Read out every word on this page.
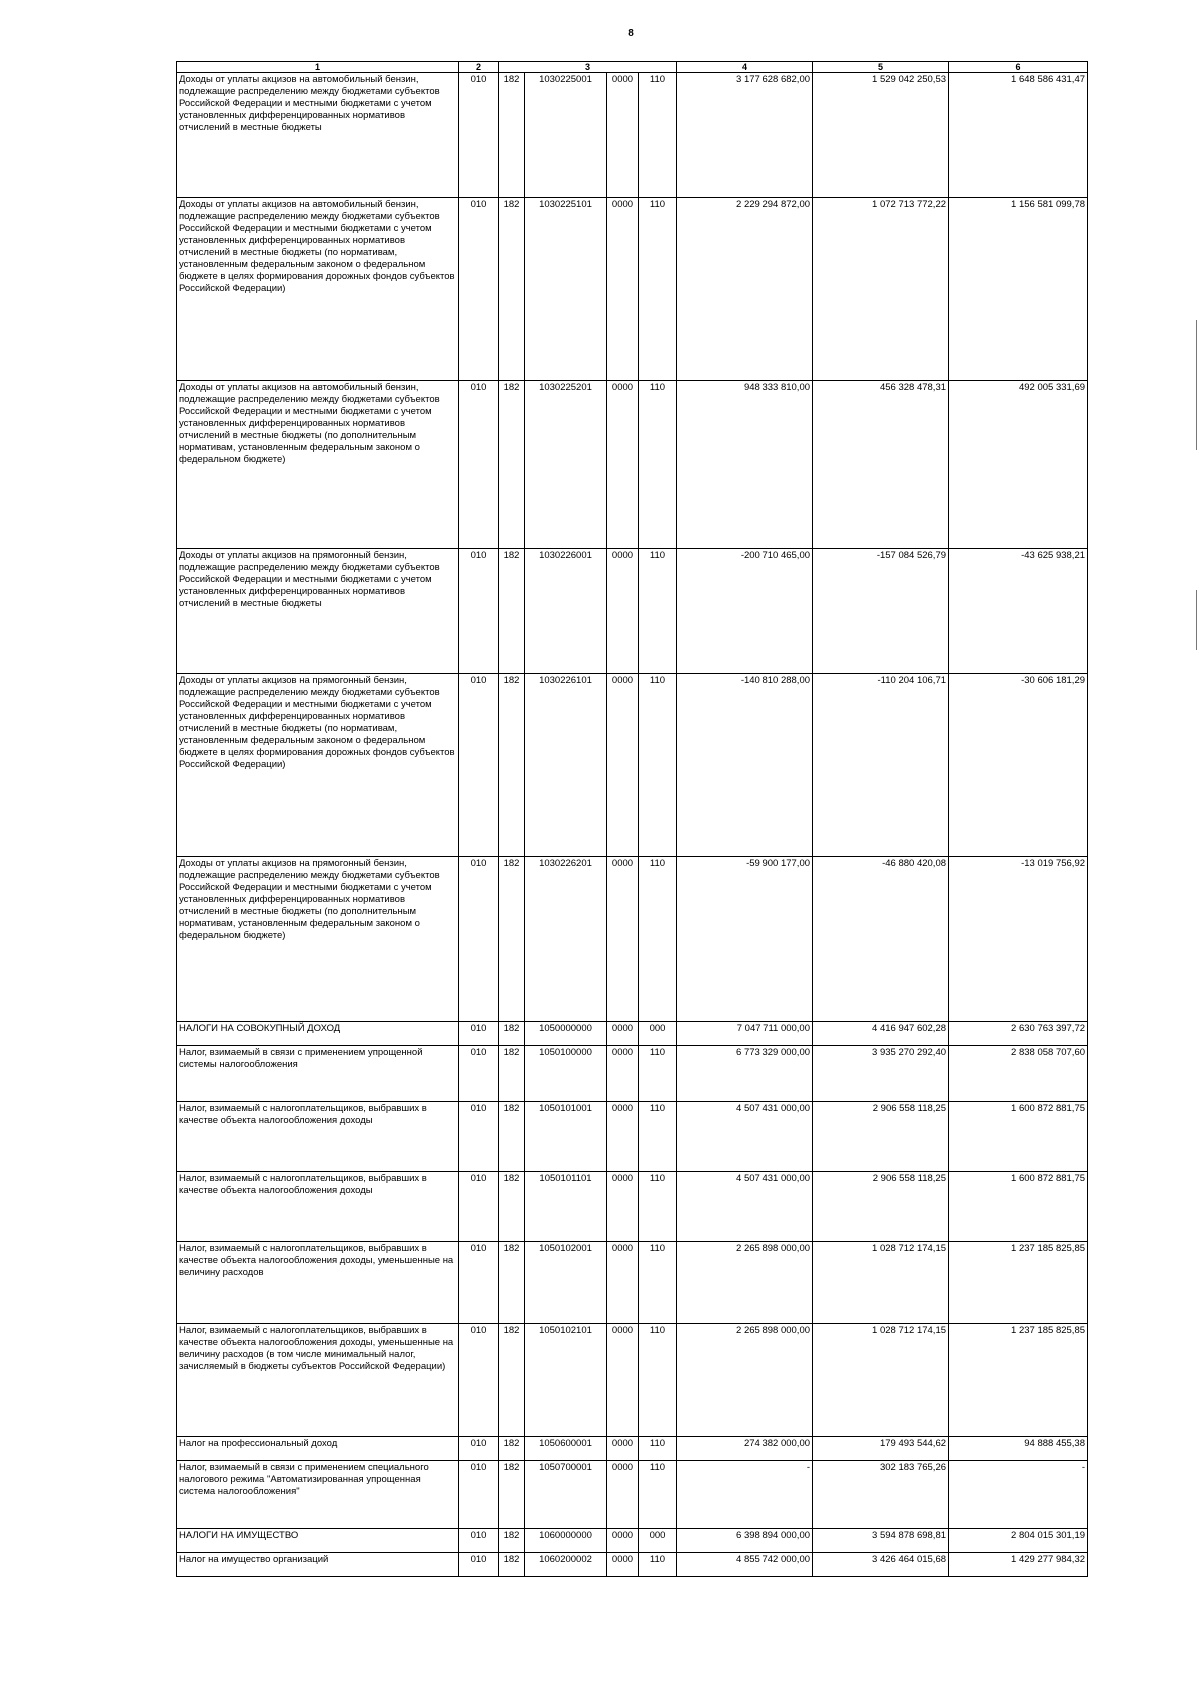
8
1	2	3				4	5	6
Доходы от уплаты акцизов на автомобильный бензин, подлежащие распределению между бюджетами субъектов Российской Федерации и местными бюджетами с учетом установленных дифференцированных нормативов отчислений в местные бюджеты	010	182	1030225001	0000	110	3 177 628 682,00	1 529 042 250,53	1 648 586 431,47
Доходы от уплаты акцизов на автомобильный бензин, подлежащие распределению между бюджетами субъектов Российской Федерации и местными бюджетами с учетом установленных дифференцированных нормативов отчислений в местные бюджеты (по нормативам, установленным федеральным законом о федеральном бюджете в целях формирования дорожных фондов субъектов Российской Федерации)	010	182	1030225101	0000	110	2 229 294 872,00	1 072 713 772,22	1 156 581 099,78
Доходы от уплаты акцизов на автомобильный бензин, подлежащие распределению между бюджетами субъектов Российской Федерации и местными бюджетами с учетом установленных дифференцированных нормативов отчислений в местные бюджеты (по дополнительным нормативам, установленным федеральным законом о федеральном бюджете)	010	182	1030225201	0000	110	948 333 810,00	456 328 478,31	492 005 331,69
Доходы от уплаты акцизов на прямогонный бензин, подлежащие распределению между бюджетами субъектов Российской Федерации и местными бюджетами с учетом установленных дифференцированных нормативов отчислений в местные бюджеты	010	182	1030226001	0000	110	-200 710 465,00	-157 084 526,79	-43 625 938,21
Доходы от уплаты акцизов на прямогонный бензин, подлежащие распределению между бюджетами субъектов Российской Федерации и местными бюджетами с учетом установленных дифференцированных нормативов отчислений в местные бюджеты (по нормативам, установленным федеральным законом о федеральном бюджете в целях формирования дорожных фондов субъектов Российской Федерации)	010	182	1030226101	0000	110	-140 810 288,00	-110 204 106,71	-30 606 181,29
Доходы от уплаты акцизов на прямогонный бензин, подлежащие распределению между бюджетами субъектов Российской Федерации и местными бюджетами с учетом установленных дифференцированных нормативов отчислений в местные бюджеты (по дополнительным нормативам, установленным федеральным законом о федеральном бюджете)	010	182	1030226201	0000	110	-59 900 177,00	-46 880 420,08	-13 019 756,92
НАЛОГИ НА СОВОКУПНЫЙ ДОХОД	010	182	1050000000	0000	000	7 047 711 000,00	4 416 947 602,28	2 630 763 397,72
Налог, взимаемый в связи с применением упрощенной системы налогообложения	010	182	1050100000	0000	110	6 773 329 000,00	3 935 270 292,40	2 838 058 707,60
Налог, взимаемый с налогоплательщиков, выбравших в качестве объекта налогообложения доходы	010	182	1050101001	0000	110	4 507 431 000,00	2 906 558 118,25	1 600 872 881,75
Налог, взимаемый с налогоплательщиков, выбравших в качестве объекта налогообложения доходы	010	182	1050101101	0000	110	4 507 431 000,00	2 906 558 118,25	1 600 872 881,75
Налог, взимаемый с налогоплательщиков, выбравших в качестве объекта налогообложения доходы, уменьшенные на величину расходов	010	182	1050102001	0000	110	2 265 898 000,00	1 028 712 174,15	1 237 185 825,85
Налог, взимаемый с налогоплательщиков, выбравших в качестве объекта налогообложения доходы, уменьшенные на величину расходов (в том числе минимальный налог, зачисляемый в бюджеты субъектов Российской Федерации)	010	182	1050102101	0000	110	2 265 898 000,00	1 028 712 174,15	1 237 185 825,85
Налог на профессиональный доход	010	182	1050600001	0000	110	274 382 000,00	179 493 544,62	94 888 455,38
Налог, взимаемый в связи с применением специального налогового режима "Автоматизированная упрощенная система налогообложения"	010	182	1050700001	0000	110	-	302 183 765,26	-
НАЛОГИ НА ИМУЩЕСТВО	010	182	1060000000	0000	000	6 398 894 000,00	3 594 878 698,81	2 804 015 301,19
Налог на имущество организаций	010	182	1060200002	0000	110	4 855 742 000,00	3 426 464 015,68	1 429 277 984,32
